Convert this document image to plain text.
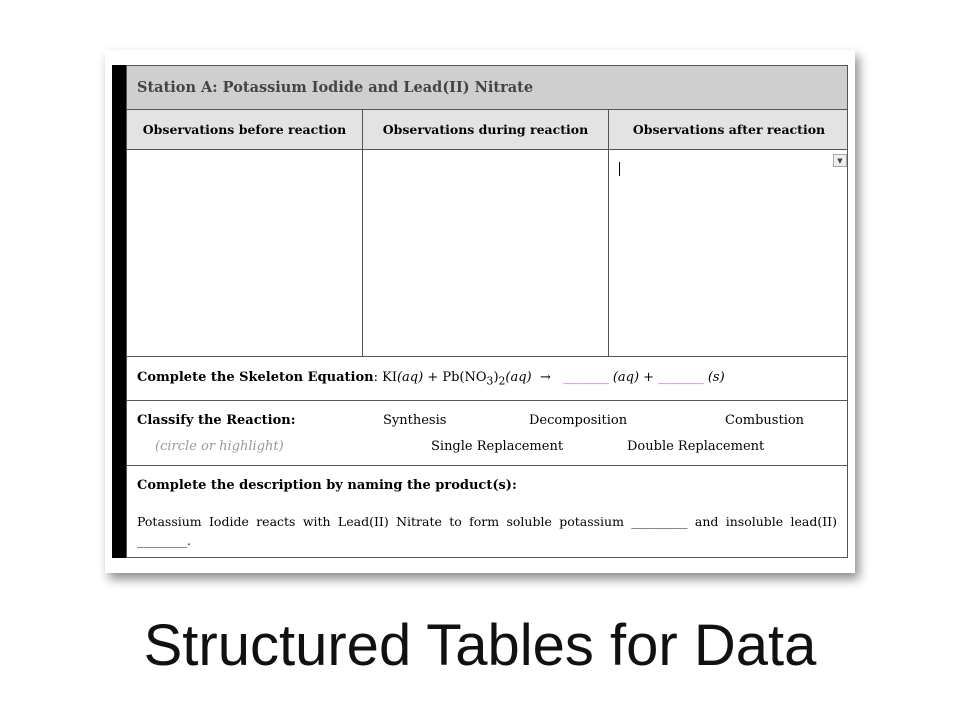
Station A: Potassium Iodide and Lead(II) Nitrate
Observations before reaction	Observations during reaction	Observations after reaction
▼
Complete the Skeleton Equation: $KI(aq) + Pb(NO_3)_2(aq)$ → _______ (aq) + _______ (s)
Classify the Reaction:
(circle or highlight)
Synthesis	Decomposition	Combustion
Single Replacement	Double Replacement
Complete the description by naming the product(s):
Potassium Iodide reacts with Lead(II) Nitrate to form soluble potassium _________ and insoluble lead(II) ________.
Structured Tables for Data
